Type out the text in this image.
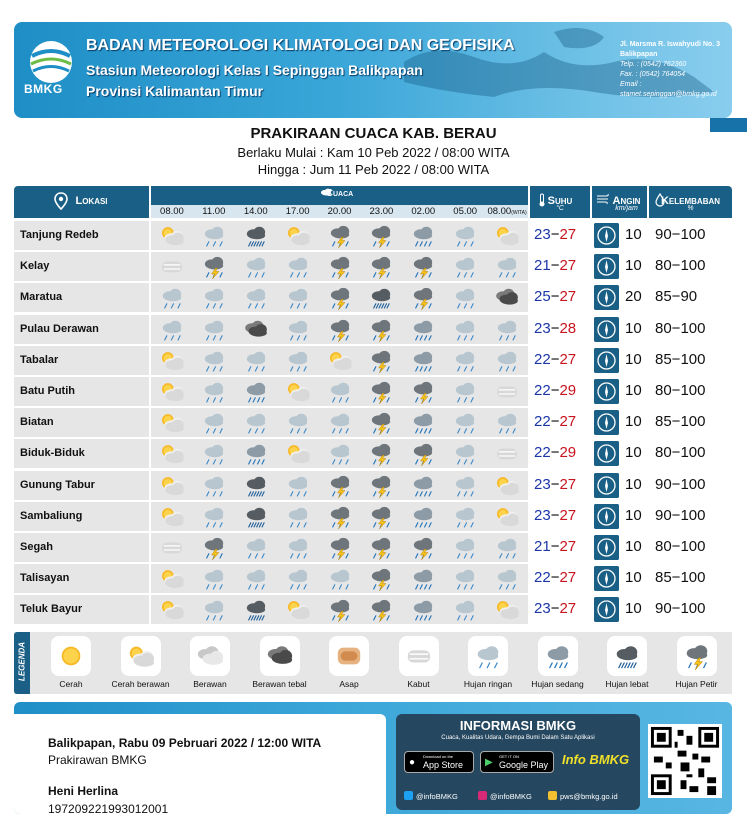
BMKG
BADAN METEOROLOGI KLIMATOLOGI DAN GEOFISIKA
Stasiun Meteorologi Kelas I Sepinggan Balikpapan
Provinsi Kalimantan Timur
Jl. Marsma R. Iswahyudi No. 3
Balikpapan
Telp. : (0542) 762360
Fax. : (0542) 764054
Email :
stamet.sepinggan@bmkg.go.id
PRAKIRAAN CUACA KAB. BERAU
Berlaku Mulai : Kam 10 Peb 2022 / 08:00 WITA
Hingga : Jum 11 Peb 2022 / 08:00 WITA
Lokasi
Cuaca
08.00	11.00	14.00	17.00	20.00	23.00	02.00	05.00	08.00(WITA)
Suhu
°C
Angin
km/jam
Kelembaban
%
Tanjung Redeb	23−27	10 90−100
Kelay	21−27	10 80−100
Maratua	25−27	20 85−90
Pulau Derawan	23−28	10 80−100
Tabalar	22−27	10 85−100
Batu Putih	22−29	10 80−100
Biatan	22−27	10 85−100
Biduk-Biduk	22−29	10 80−100
Gunung Tabur	23−27	10 90−100
Sambaliung	23−27	10 90−100
Segah	21−27	10 80−100
Talisayan	22−27	10 85−100
Teluk Bayur	23−27	10 90−100
LEGENDA
Cerah	Cerah berawan	Berawan	Berawan tebal	Asap	Kabut	Hujan ringan	Hujan sedang	Hujan lebat	Hujan Petir
Balikpapan, Rabu 09 Pebruari 2022 / 12:00 WITA
Prakirawan BMKG
Heni Herlina
197209221993012001
INFORMASI BMKG
Cuaca, Kualitas Udara, Gempa Bumi Dalam Satu Aplikasi
●
Download on the
App Store ▶
GET IT ON
Google Play Info BMKG
@infoBMKG	@infoBMKG	pws@bmkg.go.id
